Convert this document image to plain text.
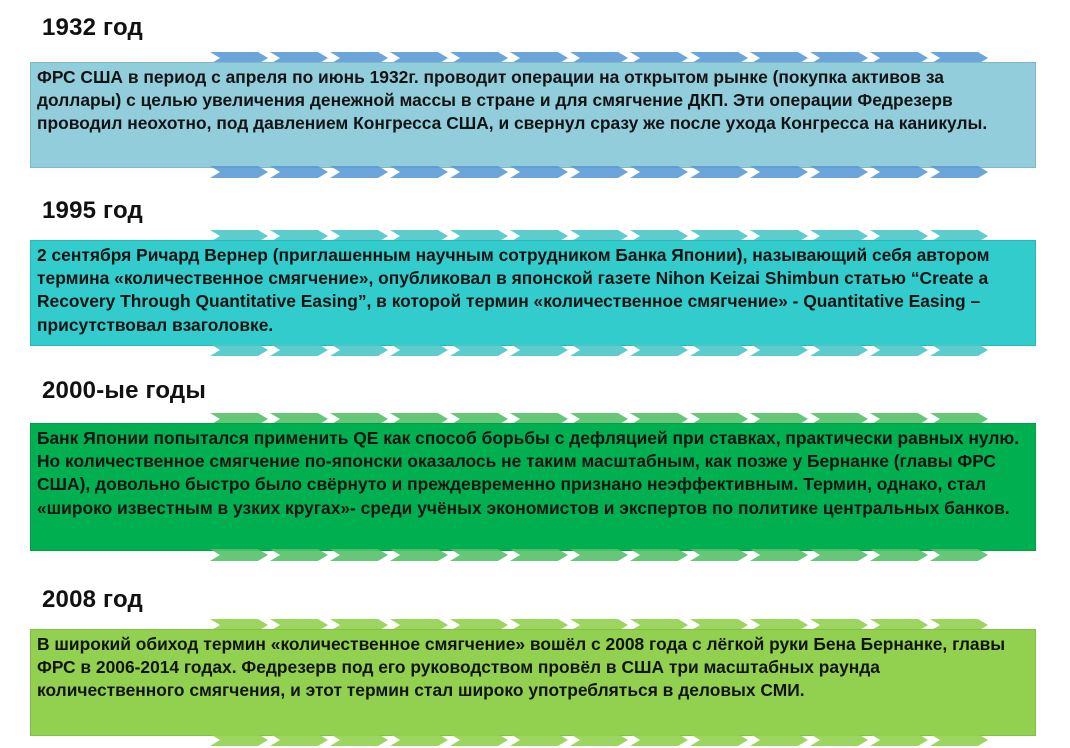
1932 год

ФРС США в период с апреля по июнь 1932г. проводит операции на открытом рынке (покупка активов за доллары) с целью увеличения денежной массы в стране и для смягчение ДКП. Эти операции Федрезерв проводил неохотно, под давлением Конгресса США, и свернул сразу же после ухода Конгресса на каникулы.

1995 год

2 сентября Ричард Вернер (приглашенным научным сотрудником Банка Японии), называющий себя автором термина «количественное смягчение», опубликовал в японской газете Nihon Keizai Shimbun статью “Create a Recovery Through Quantitative Easing”, в которой термин «количественное смягчение» - Quantitative Easing – присутствовал взаголовке.

2000-ые годы

Банк Японии попытался применить QE как способ борьбы с дефляцией при ставках, практически равных нулю. Но количественное смягчение по-японски оказалось не таким масштабным, как позже у Бернанке (главы ФРС США), довольно быстро было свёрнуто и преждевременно признано неэффективным. Термин, однако, стал «широко известным в узких кругах»- среди учёных экономистов и экспертов по политике центральных банков.

2008 год

В широкий обиход термин «количественное смягчение» вошёл с 2008 года с лёгкой руки Бена Бернанке, главы ФРС в 2006-2014 годах. Федрезерв под его руководством провёл в США три масштабных раунда количественного смягчения, и этот термин стал широко употребляться в деловых СМИ.
